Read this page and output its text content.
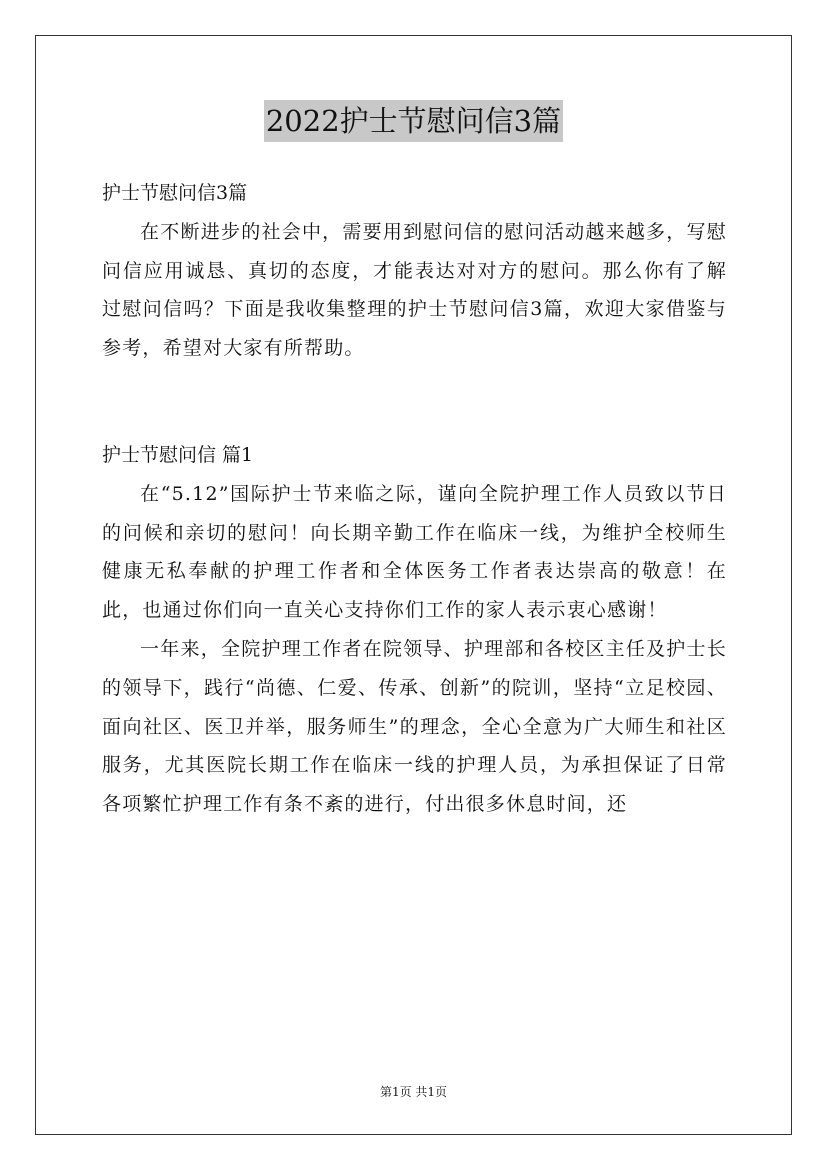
2022护士节慰问信3篇

护士节慰问信3篇

在不断进步的社会中，需要用到慰问信的慰问活动越来越多，写慰问信应用诚恳、真切的态度，才能表达对对方的慰问。那么你有了解过慰问信吗？下面是我收集整理的护士节慰问信3篇，欢迎大家借鉴与参考，希望对大家有所帮助。

护士节慰问信 篇1

在“5.12”国际护士节来临之际，谨向全院护理工作人员致以节日的问候和亲切的慰问！向长期辛勤工作在临床一线，为维护全校师生健康无私奉献的护理工作者和全体医务工作者表达崇高的敬意！在此，也通过你们向一直关心支持你们工作的家人表示衷心感谢！

一年来，全院护理工作者在院领导、护理部和各校区主任及护士长的领导下，践行“尚德、仁爱、传承、创新”的院训，坚持“立足校园、面向社区、医卫并举，服务师生”的理念，全心全意为广大师生和社区服务，尤其医院长期工作在临床一线的护理人员，为承担保证了日常各项繁忙护理工作有条不紊的进行，付出很多休息时间，还

第1页 共1页
